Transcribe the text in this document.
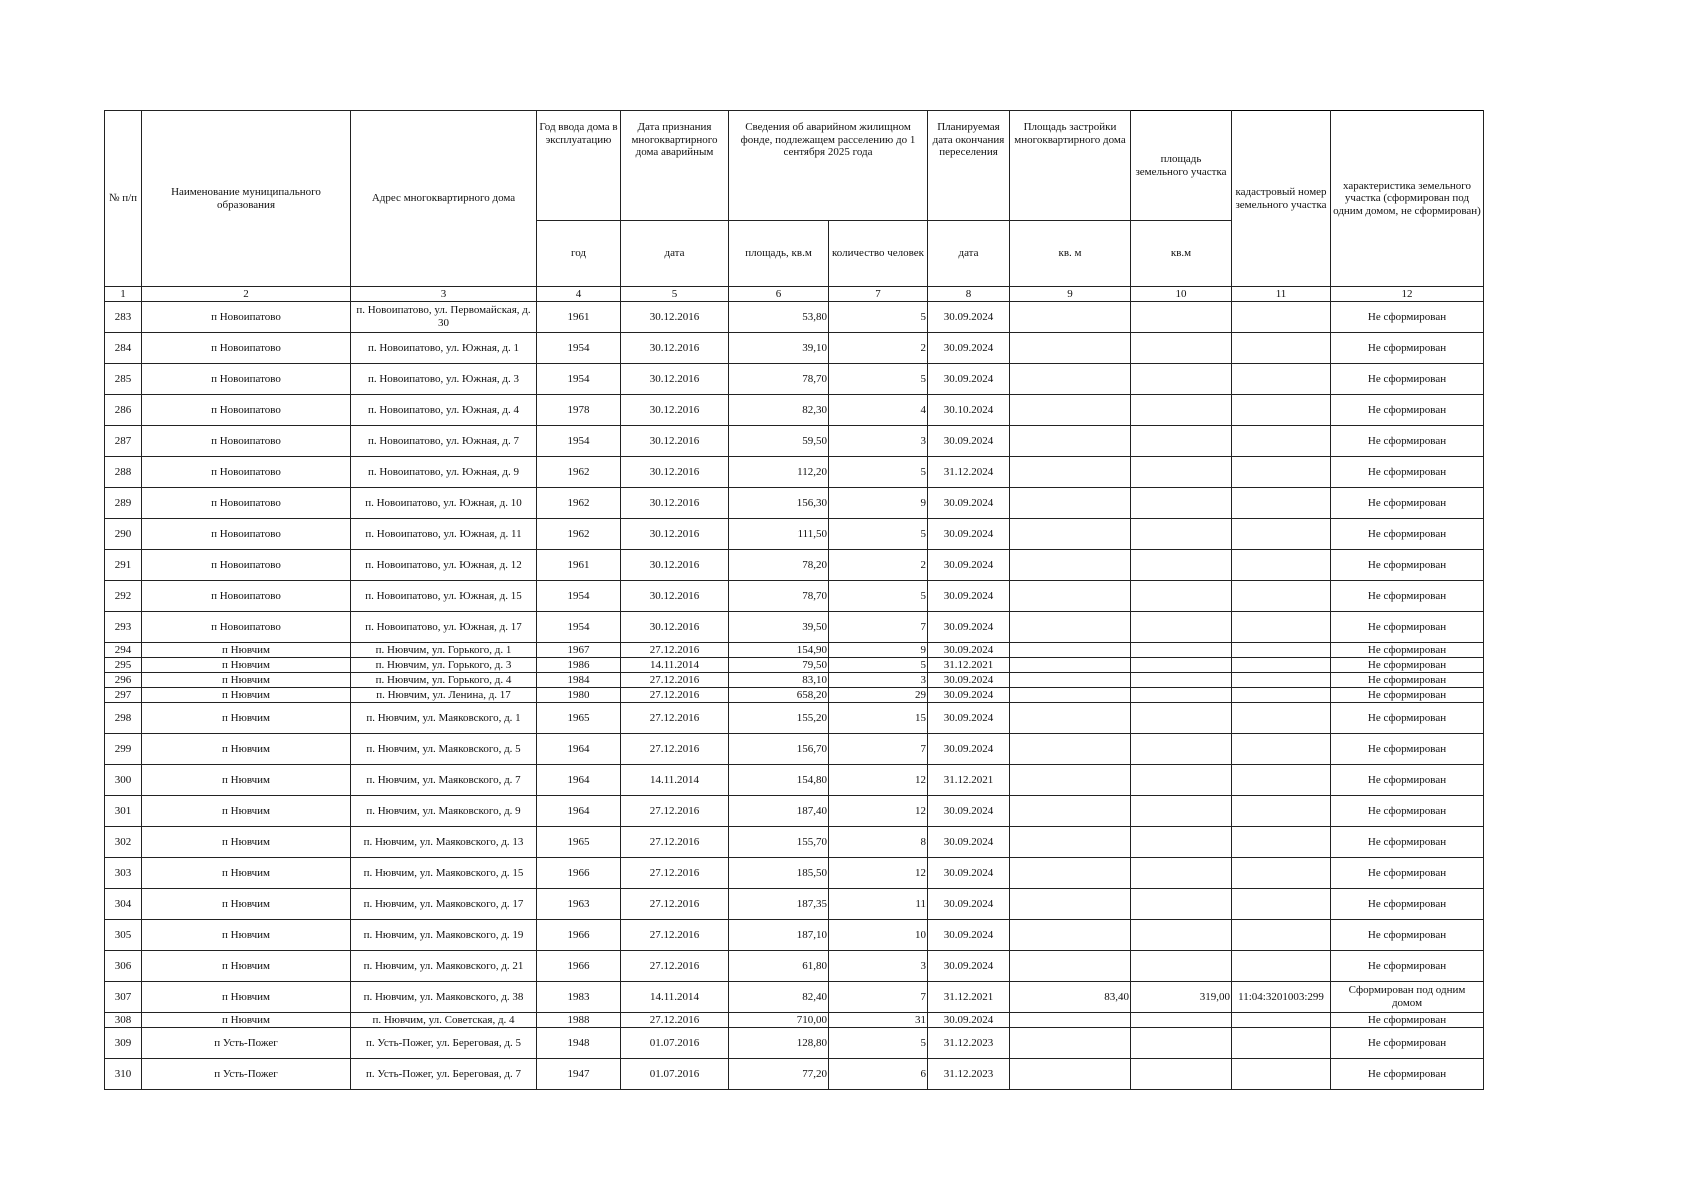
№ п/п	Наименование муниципального образования	Адрес многоквартирного дома	Год ввода дома в эксплуатацию	Дата признания многоквартирного дома аварийным	Сведения об аварийном жилищном фонде, подлежащем расселению до 1 сентября 2025 года		Планируемая дата окончания переселения	Площадь застройки многоквартирного дома	площадь земельного участка	кадастровый номер земельного участка	характеристика земельного участка (сформирован под одним домом, не сформирован)
			год	дата	площадь, кв.м	количество человек	дата	кв. м	кв.м		
1	2	3	4	5	6	7	8	9	10	11	12
283	п Новоипатово	п. Новоипатово, ул. Первомайская, д. 30	1961	30.12.2016	53,80	5	30.09.2024				Не сформирован
284	п Новоипатово	п. Новоипатово, ул. Южная, д. 1	1954	30.12.2016	39,10	2	30.09.2024				Не сформирован
285	п Новоипатово	п. Новоипатово, ул. Южная, д. 3	1954	30.12.2016	78,70	5	30.09.2024				Не сформирован
286	п Новоипатово	п. Новоипатово, ул. Южная, д. 4	1978	30.12.2016	82,30	4	30.10.2024				Не сформирован
287	п Новоипатово	п. Новоипатово, ул. Южная, д. 7	1954	30.12.2016	59,50	3	30.09.2024				Не сформирован
288	п Новоипатово	п. Новоипатово, ул. Южная, д. 9	1962	30.12.2016	112,20	5	31.12.2024				Не сформирован
289	п Новоипатово	п. Новоипатово, ул. Южная, д. 10	1962	30.12.2016	156,30	9	30.09.2024				Не сформирован
290	п Новоипатово	п. Новоипатово, ул. Южная, д. 11	1962	30.12.2016	111,50	5	30.09.2024				Не сформирован
291	п Новоипатово	п. Новоипатово, ул. Южная, д. 12	1961	30.12.2016	78,20	2	30.09.2024				Не сформирован
292	п Новоипатово	п. Новоипатово, ул. Южная, д. 15	1954	30.12.2016	78,70	5	30.09.2024				Не сформирован
293	п Новоипатово	п. Новоипатово, ул. Южная, д. 17	1954	30.12.2016	39,50	7	30.09.2024				Не сформирован
294	п Нювчим	п. Нювчим, ул. Горького, д. 1	1967	27.12.2016	154,90	9	30.09.2024				Не сформирован
295	п Нювчим	п. Нювчим, ул. Горького, д. 3	1986	14.11.2014	79,50	5	31.12.2021				Не сформирован
296	п Нювчим	п. Нювчим, ул. Горького, д. 4	1984	27.12.2016	83,10	3	30.09.2024				Не сформирован
297	п Нювчим	п. Нювчим, ул. Ленина, д. 17	1980	27.12.2016	658,20	29	30.09.2024				Не сформирован
298	п Нювчим	п. Нювчим, ул. Маяковского, д. 1	1965	27.12.2016	155,20	15	30.09.2024				Не сформирован
299	п Нювчим	п. Нювчим, ул. Маяковского, д. 5	1964	27.12.2016	156,70	7	30.09.2024				Не сформирован
300	п Нювчим	п. Нювчим, ул. Маяковского, д. 7	1964	14.11.2014	154,80	12	31.12.2021				Не сформирован
301	п Нювчим	п. Нювчим, ул. Маяковского, д. 9	1964	27.12.2016	187,40	12	30.09.2024				Не сформирован
302	п Нювчим	п. Нювчим, ул. Маяковского, д. 13	1965	27.12.2016	155,70	8	30.09.2024				Не сформирован
303	п Нювчим	п. Нювчим, ул. Маяковского, д. 15	1966	27.12.2016	185,50	12	30.09.2024				Не сформирован
304	п Нювчим	п. Нювчим, ул. Маяковского, д. 17	1963	27.12.2016	187,35	11	30.09.2024				Не сформирован
305	п Нювчим	п. Нювчим, ул. Маяковского, д. 19	1966	27.12.2016	187,10	10	30.09.2024				Не сформирован
306	п Нювчим	п. Нювчим, ул. Маяковского, д. 21	1966	27.12.2016	61,80	3	30.09.2024				Не сформирован
307	п Нювчим	п. Нювчим, ул. Маяковского, д. 38	1983	14.11.2014	82,40	7	31.12.2021	83,40	319,00	11:04:3201003:299	Сформирован под одним домом
308	п Нювчим	п. Нювчим, ул. Советская, д. 4	1988	27.12.2016	710,00	31	30.09.2024				Не сформирован
309	п Усть-Пожег	п. Усть-Пожег, ул. Береговая, д. 5	1948	01.07.2016	128,80	5	31.12.2023				Не сформирован
310	п Усть-Пожег	п. Усть-Пожег, ул. Береговая, д. 7	1947	01.07.2016	77,20	6	31.12.2023				Не сформирован
